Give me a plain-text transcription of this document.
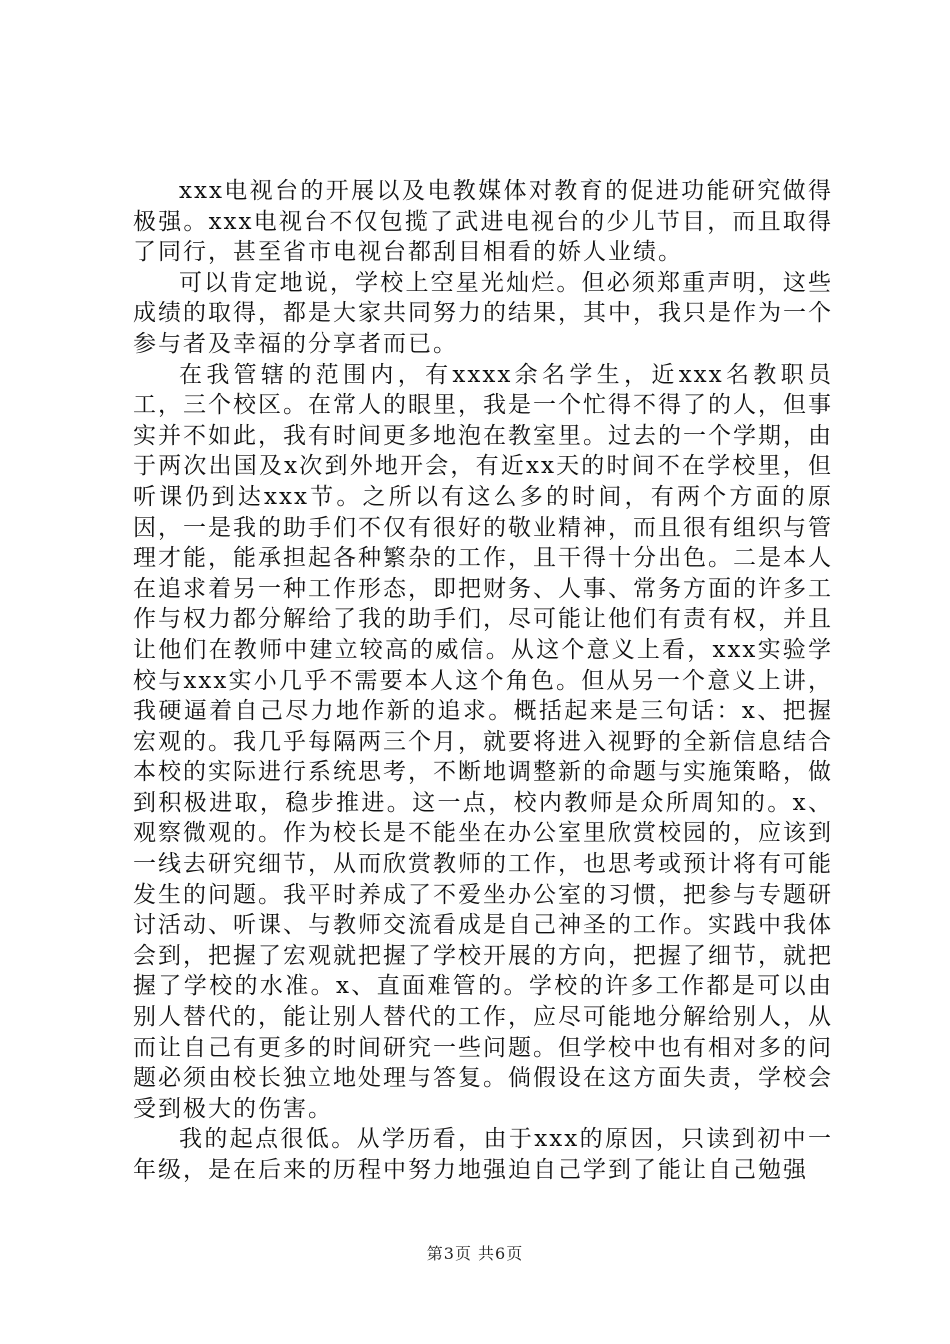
xxx电视台的开展以及电教媒体对教育的促进功能研究做得极强。xxx电视台不仅包揽了武进电视台的少儿节目，而且取得了同行，甚至省市电视台都刮目相看的娇人业绩。

可以肯定地说，学校上空星光灿烂。但必须郑重声明，这些成绩的取得，都是大家共同努力的结果，其中，我只是作为一个参与者及幸福的分享者而已。

在我管辖的范围内，有xxxx余名学生，近xxx名教职员工，三个校区。在常人的眼里，我是一个忙得不得了的人，但事实并不如此，我有时间更多地泡在教室里。过去的一个学期，由于两次出国及x次到外地开会，有近xx天的时间不在学校里，但听课仍到达xxx节。之所以有这么多的时间，有两个方面的原因，一是我的助手们不仅有很好的敬业精神，而且很有组织与管理才能，能承担起各种繁杂的工作，且干得十分出色。二是本人在追求着另一种工作形态，即把财务、人事、常务方面的许多工作与权力都分解给了我的助手们，尽可能让他们有责有权，并且让他们在教师中建立较高的威信。从这个意义上看，xxx实验学校与xxx实小几乎不需要本人这个角色。但从另一个意义上讲，我硬逼着自己尽力地作新的追求。概括起来是三句话：x、把握宏观的。我几乎每隔两三个月，就要将进入视野的全新信息结合本校的实际进行系统思考，不断地调整新的命题与实施策略，做到积极进取，稳步推进。这一点，校内教师是众所周知的。x、观察微观的。作为校长是不能坐在办公室里欣赏校园的，应该到一线去研究细节，从而欣赏教师的工作，也思考或预计将有可能发生的问题。我平时养成了不爱坐办公室的习惯，把参与专题研讨活动、听课、与教师交流看成是自己神圣的工作。实践中我体会到，把握了宏观就把握了学校开展的方向，把握了细节，就把握了学校的水准。x、直面难管的。学校的许多工作都是可以由别人替代的，能让别人替代的工作，应尽可能地分解给别人，从而让自己有更多的时间研究一些问题。但学校中也有相对多的问题必须由校长独立地处理与答复。倘假设在这方面失责，学校会受到极大的伤害。

我的起点很低。从学历看，由于xxx的原因，只读到初中一年级，是在后来的历程中努力地强迫自己学到了能让自己勉强

第3页 共6页
